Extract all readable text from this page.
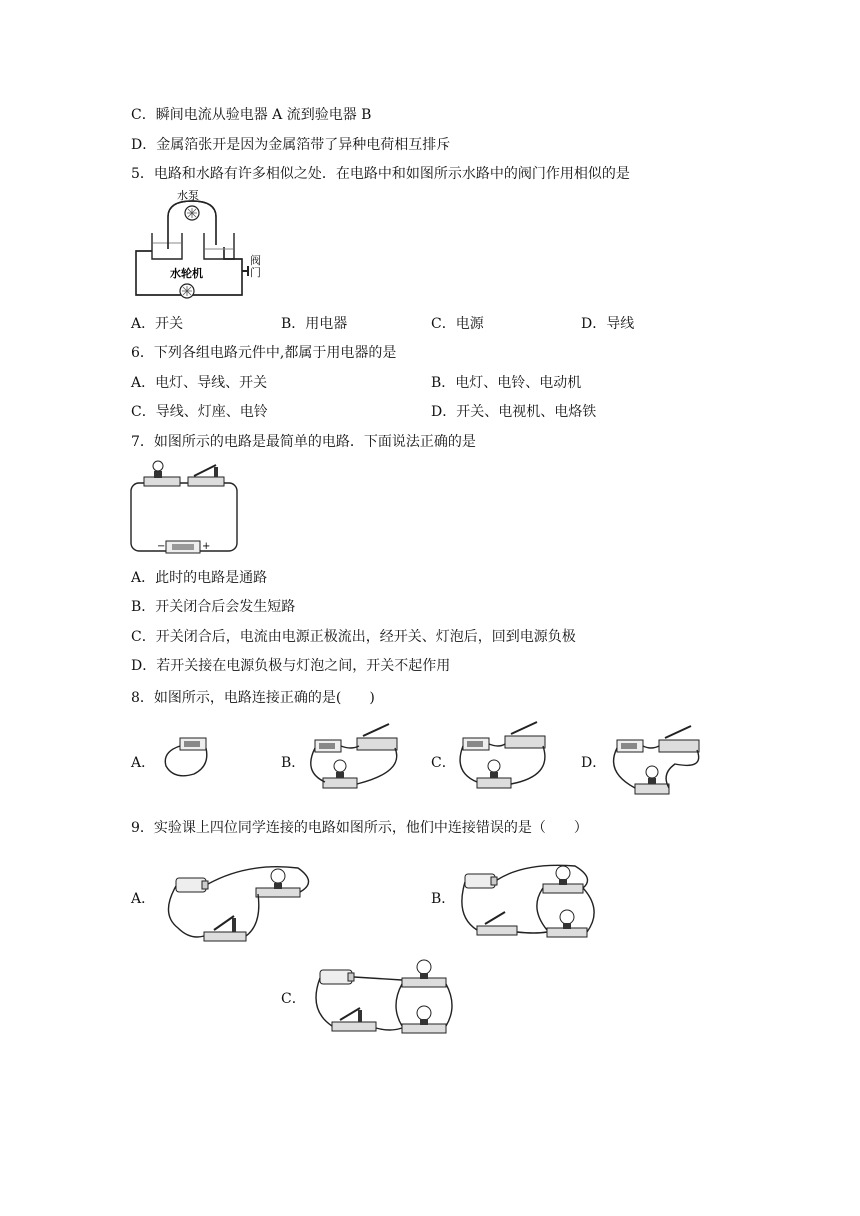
C．瞬间电流从验电器 A 流到验电器 B
D．金属箔张开是因为金属箔带了异种电荷相互排斥
5．电路和水路有许多相似之处．在电路中和如图所示水路中的阀门作用相似的是
水泵
水轮机
阀门
A．开关	B．用电器	C．电源	D．导线
6．下列各组电路元件中,都属于用电器的是
A．电灯、导线、开关	B．电灯、电铃、电动机
C．导线、灯座、电铃	D．开关、电视机、电烙铁
7．如图所示的电路是最简单的电路．下面说法正确的是
−	+
A．此时的电路是通路
B．开关闭合后会发生短路
C．开关闭合后，电流由电源正极流出，经开关、灯泡后，回到电源负极
D．若开关接在电源负极与灯泡之间，开关不起作用
8．如图所示，电路连接正确的是(　　)
A．	B．	C．	D．
9．实验课上四位同学连接的电路如图所示，他们中连接错误的是（　　）
A．	B．
C．
